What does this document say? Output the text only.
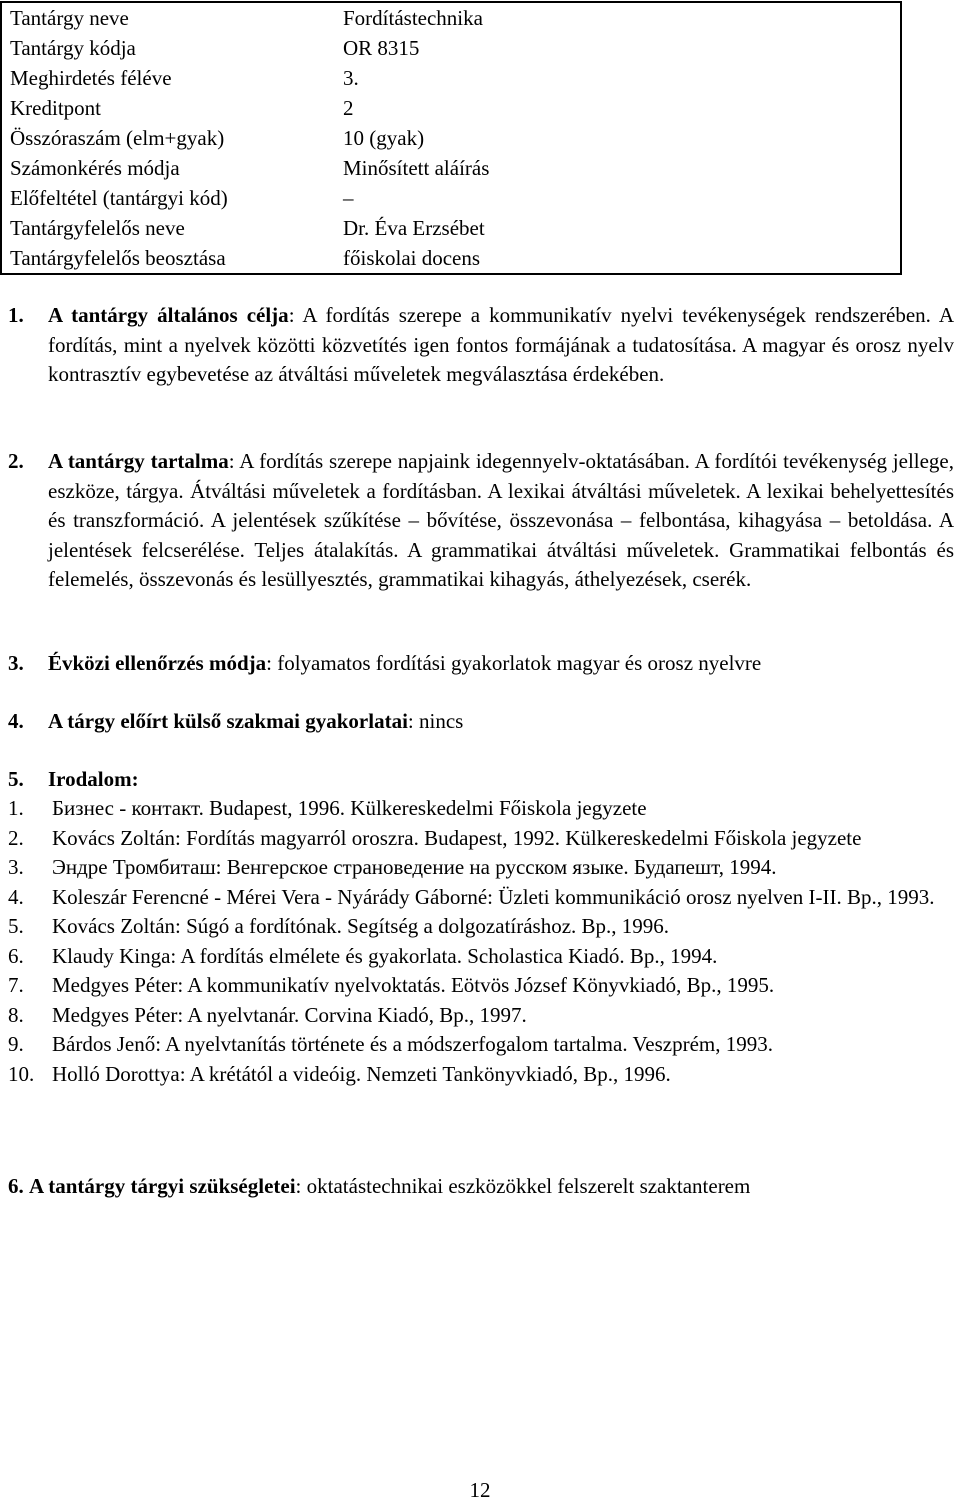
Tantárgy neve	Fordítástechnika
Tantárgy kódja	OR 8315
Meghirdetés féléve	3.
Kreditpont	2
Összóraszám (elm+gyak)	10 (gyak)
Számonkérés módja	Minősített aláírás
Előfeltétel (tantárgyi kód)	–
Tantárgyfelelős neve	Dr. Éva Erzsébet
Tantárgyfelelős beosztása	főiskolai docens
1. A tantárgy általános célja: A fordítás szerepe a kommunikatív nyelvi tevékenységek rendszerében. A fordítás, mint a nyelvek közötti közvetítés igen fontos formájának a tudatosítása. A magyar és orosz nyelv kontrasztív egybevetése az átváltási műveletek megválasztása érdekében.
2. A tantárgy tartalma: A fordítás szerepe napjaink idegennyelv-oktatásában. A fordítói tevékenység jellege, eszköze, tárgya. Átváltási műveletek a fordításban. A lexikai átváltási műveletek. A lexikai behelyettesítés és transzformáció. A jelentések szűkítése – bővítése, összevonása – felbontása, kihagyása – betoldása. A jelentések felcserélése. Teljes átalakítás. A grammatikai átváltási műveletek. Grammatikai felbontás és felemelés, összevonás és lesüllyesztés, grammatikai kihagyás, áthelyezések, cserék.
3. Évközi ellenőrzés módja: folyamatos fordítási gyakorlatok magyar és orosz nyelvre
4. A tárgy előírt külső szakmai gyakorlatai: nincs
5. Irodalom:
1. Бизнес - контакт. Budapest, 1996. Külkereskedelmi Főiskola jegyzete
2. Kovács Zoltán: Fordítás magyarról oroszra. Budapest, 1992. Külkereskedelmi Főiskola jegyzete
3. Эндре Тромбиташ: Венгерское страноведение на русском языке. Будапешт, 1994.
4. Koleszár Ferencné - Mérei Vera - Nyárády Gáborné: Üzleti kommunikáció orosz nyelven I-II. Bp., 1993.
5. Kovács Zoltán: Súgó a fordítónak. Segítség a dolgozatíráshoz. Bp., 1996.
6. Klaudy Kinga: A fordítás elmélete és gyakorlata. Scholastica Kiadó. Bp., 1994.
7. Medgyes Péter: A kommunikatív nyelvoktatás. Eötvös József Könyvkiadó, Bp., 1995.
8. Medgyes Péter: A nyelvtanár. Corvina Kiadó, Bp., 1997.
9. Bárdos Jenő: A nyelvtanítás története és a módszerfogalom tartalma. Veszprém, 1993.
10. Holló Dorottya: A krétától a videóig. Nemzeti Tankönyvkiadó, Bp., 1996.
6. A tantárgy tárgyi szükségletei: oktatástechnikai eszközökkel felszerelt szaktanterem
12
